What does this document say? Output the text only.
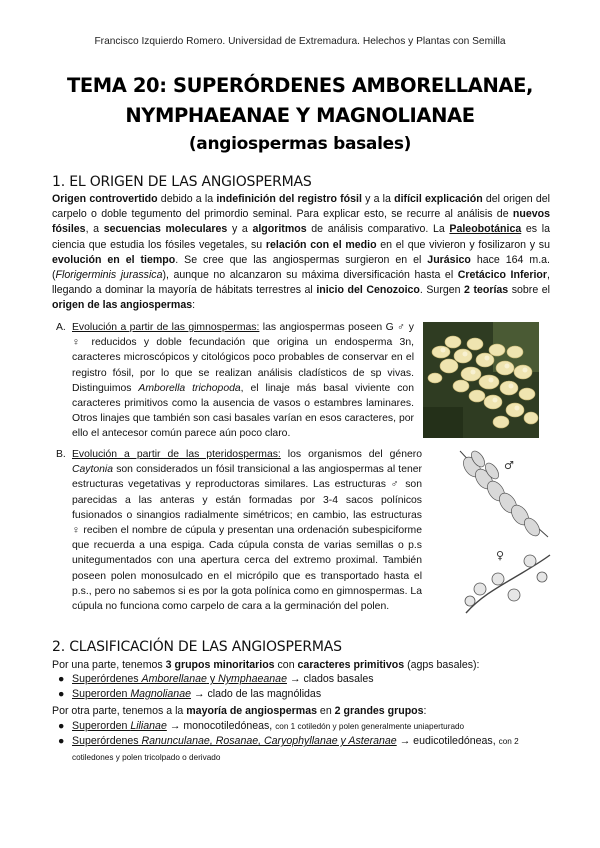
Francisco Izquierdo Romero. Universidad de Extremadura. Helechos y Plantas con Semilla
TEMA 20: SUPERÓRDENES AMBORELLANAE,
NYMPHAEANAE Y MAGNOLIANAE
(angiospermas basales)
1. EL ORIGEN DE LAS ANGIOSPERMAS

Origen controvertido debido a la indefinición del registro fósil y a la difícil explicación del origen del carpelo o doble tegumento del primordio seminal. Para explicar esto, se recurre al análisis de nuevos fósiles, a secuencias moleculares y a algoritmos de análisis comparativo. La Paleobotánica es la ciencia que estudia los fósiles vegetales, su relación con el medio en el que vivieron y fosilizaron y su evolución en el tiempo. Se cree que las angiospermas surgieron en el Jurásico hace 164 m.a. (Florigerminis jurassica), aunque no alcanzaron su máxima diversificación hasta el Cretácico Inferior, llegando a dominar la mayoría de hábitats terrestres al inicio del Cenozoico. Surgen 2 teorías sobre el origen de las angiospermas:

A. Evolución a partir de las gimnospermas: las angiospermas poseen G ♂ y ♀ reducidos y doble fecundación que origina un endosperma 3n, caracteres microscópicos y citológicos poco probables de conservar en el registro fósil, por lo que se realizan análisis cladísticos de sp vivas. Distinguimos Amborella trichopoda, el linaje más basal viviente con caracteres primitivos como la ausencia de vasos o estambres laminares. Otros linajes que también son casi basales varían en esos caracteres, por ello el antecesor común parece aún poco claro.
B. Evolución a partir de las pteridospermas: los organismos del género Caytonia son considerados un fósil transicional a las angiospermas al tener estructuras vegetativas y reproductoras similares. Las estructuras ♂ son parecidas a las anteras y están formadas por 3-4 sacos polínicos fusionados o sinangios radialmente simétricos; en cambio, las estructuras ♀ reciben el nombre de cúpula y presentan una ordenación subespiciforme que recuerda a una espiga. Cada cúpula consta de varias semillas o p.s unitegumentados con una apertura cerca del extremo proximal. También poseen polen monosulcado en el micrópilo que es transportado hasta el p.s., pero no sabemos si es por la gota polínica como en gimnospermas. La cúpula no funciona como carpelo de cara a la germinación del polen.
♂
♀
2. CLASIFICACIÓN DE LAS ANGIOSPERMAS
Por una parte, tenemos 3 grupos minoritarios con caracteres primitivos (agps basales):
● Superórdenes Amborellanae y Nymphaeanae → clados basales
● Superorden Magnolianae → clado de las magnólidas
Por otra parte, tenemos a la mayoría de angiospermas en 2 grandes grupos:
● Superorden Lilianae → monocotiledóneas, con 1 cotiledón y polen generalmente uniaperturado
● Superórdenes Ranunculanae, Rosanae, Caryophyllanae y Asteranae → eudicotiledóneas, con 2 cotiledones y polen tricolpado o derivado
